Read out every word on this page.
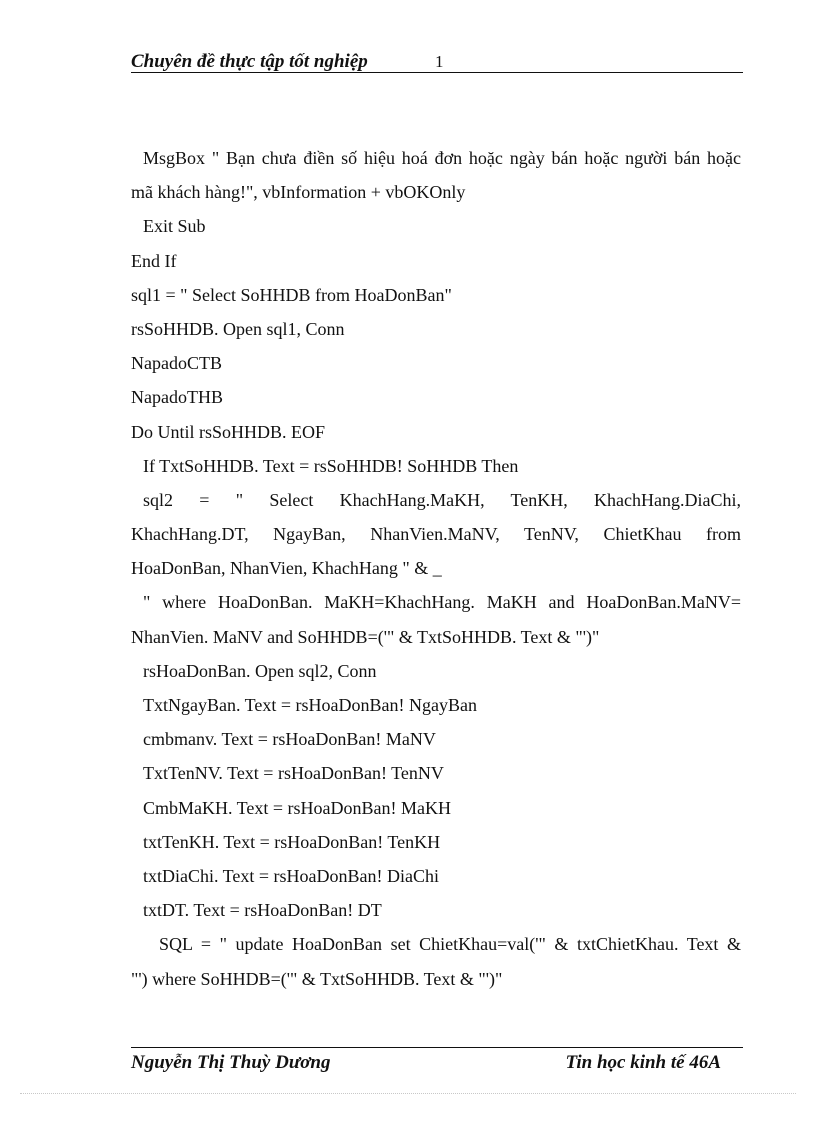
Chuyên đề thực tập tốt nghiệp	1
MsgBox " Bạn chưa điền số hiệu hoá đơn hoặc ngày bán hoặc người bán hoặc
mã khách hàng!", vbInformation + vbOKOnly
Exit Sub
End If
sql1 = " Select SoHHDB from HoaDonBan"
rsSoHHDB. Open sql1, Conn
NapadoCTB
NapadoTHB
Do Until rsSoHHDB. EOF
If TxtSoHHDB. Text = rsSoHHDB! SoHHDB Then
sql2 = " Select KhachHang.MaKH, TenKH, KhachHang.DiaChi,
KhachHang.DT, NgayBan, NhanVien.MaNV, TenNV, ChietKhau from
HoaDonBan, NhanVien, KhachHang " & _
" where HoaDonBan. MaKH=KhachHang. MaKH and HoaDonBan.MaNV=
NhanVien. MaNV and SoHHDB=('" & TxtSoHHDB. Text & "')"
rsHoaDonBan. Open sql2, Conn
TxtNgayBan. Text = rsHoaDonBan! NgayBan
cmbmanv. Text = rsHoaDonBan! MaNV
TxtTenNV. Text = rsHoaDonBan! TenNV
CmbMaKH. Text = rsHoaDonBan! MaKH
txtTenKH. Text = rsHoaDonBan! TenKH
txtDiaChi. Text = rsHoaDonBan! DiaChi
txtDT. Text = rsHoaDonBan! DT
SQL = " update HoaDonBan set ChietKhau=val('" & txtChietKhau. Text &
"') where SoHHDB=('" & TxtSoHHDB. Text & "')"
Nguyễn Thị Thuỳ Dương	Tin học kinh tế 46A
